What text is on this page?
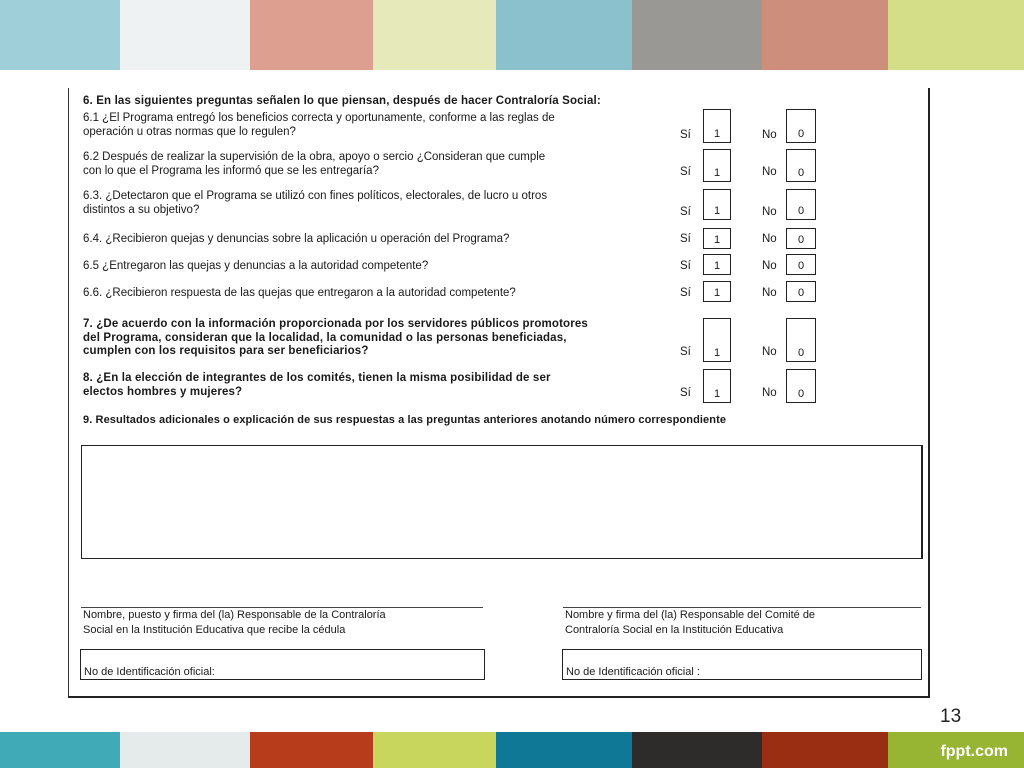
6. En las siguientes preguntas señalen lo que piensan, después de hacer Contraloría Social:
6.1 ¿El Programa entregó los beneficios correcta y oportunamente, conforme a las reglas de
operación u otras normas que lo regulen?	Sí	1	No	0
6.2 Después de realizar la supervisión de la obra, apoyo o sercio ¿Consideran que cumple
con lo que el Programa les informó que se les entregaría?	Sí	1	No	0
6.3. ¿Detectaron que el Programa se utilizó con fines políticos, electorales, de lucro u otros
distintos a su objetivo?	Sí	1	No	0
6.4. ¿Recibieron quejas y denuncias sobre la aplicación u operación del Programa?	Sí	1	No	0
6.5 ¿Entregaron las quejas y denuncias a la autoridad competente?	Sí	1	No	0
6.6. ¿Recibieron respuesta de las quejas que entregaron a la autoridad competente?	Sí	1	No	0
7. ¿De acuerdo con la información proporcionada por los servidores públicos promotores
del Programa, consideran que la localidad, la comunidad o las personas beneficiadas,
cumplen con los requisitos para ser beneficiarios?	Sí	1	No	0
8. ¿En la elección de integrantes de los comités, tienen la misma posibilidad de ser
electos hombres y mujeres?	Sí	1	No	0
9. Resultados adicionales o explicación de sus respuestas a las preguntas anteriores anotando número correspondiente
Nombre, puesto y firma del (la) Responsable de la Contraloría
Social en la Institución Educativa que recibe la cédula
No de Identificación oficial:
Nombre y firma del (la) Responsable del Comité de
Contraloría Social en la Institución Educativa
No de Identificación oficial :
13
fppt.com
